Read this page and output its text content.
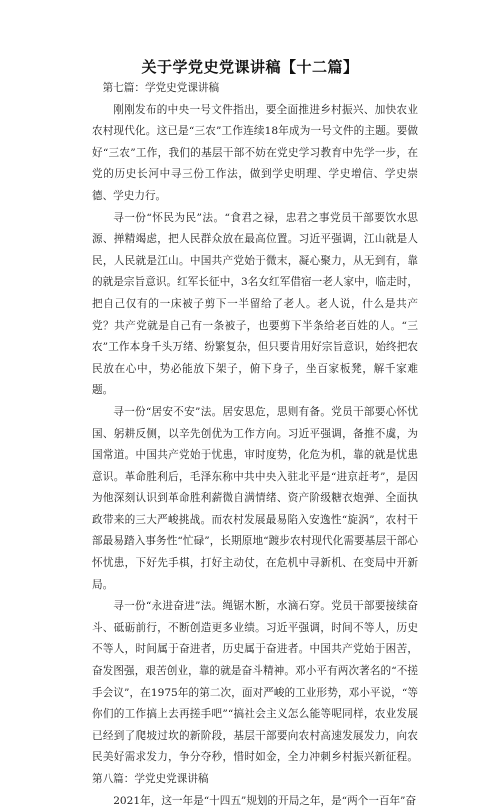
关于学党史党课讲稿【十二篇】

第七篇：学党史党课讲稿

刚刚发布的中央一号文件指出，要全面推进乡村振兴、加快农业农村现代化。这已是“三农”工作连续18年成为一号文件的主题。要做好“三农”工作，我们的基层干部不妨在党史学习教育中先学一步，在党的历史长河中寻三份工作法，做到学史明理、学史增信、学史崇德、学史力行。

寻一份“怀民为民”法。“食君之禄，忠君之事党员干部要饮水思源、掸精竭虑，把人民群众放在最高位置。习近平强调，江山就是人民，人民就是江山。中国共产党始于微末，凝心聚力，从无到有，靠的就是宗旨意识。红军长征中，3名女红军借宿一老人家中，临走时，把自己仅有的一床被子剪下一半留给了老人。老人说，什么是共产党？共产党就是自己有一条被子，也要剪下半条给老百姓的人。“三农”工作本身千头万绪、纷繁复杂，但只要肯用好宗旨意识，始终把农民放在心中，势必能放下架子，俯下身子，坐百家板凳，解千家难题。

寻一份“居安不安”法。居安思危，思则有备。党员干部要心怀忧国、躬耕反侧，以辛先创优为工作方向。习近平强调，备推不虞，为国常道。中国共产党始于忧患，审时度势，化危为机，靠的就是忧患意识。革命胜利后，毛泽东称中共中央入驻北平是“进京赶考”，是因为他深刻认识到革命胜利薪微自满情绪、资产阶级糖衣炮弹、全面执政带来的三大严峻挑战。而农村发展最易陷入安逸性“旋涡”，农村干部最易踏入事务性“忙碌”，长期原地“踱步农村现代化需要基层干部心怀忧患，下好先手棋，打好主动仗，在危机中寻新机、在变局中开新局。

寻一份“永进奋进”法。绳锯木断，水滴石穿。党员干部要接续奋斗、砥砺前行，不断创造更多业绩。习近平强调，时间不等人，历史不等人，时间属于奋进者，历史属于奋进者。中国共产党始于困苦，奋发图强，艰苦创业，靠的就是奋斗精神。邓小平有两次著名的“不搓手会议”，在1975年的第二次，面对严峻的工业形势，邓小平说，“等你们的工作搞上去再搓手吧”“搞社会主义怎么能等呢同样，农业发展已经到了爬坡过坎的新阶段，基层干部要向农村高速发展发力，向农民美好需求发力，争分夺秒，惜时如金，全力冲刺乡村振兴新征程。第八篇：学党史党课讲稿

2021年，这一年是“十四五”规划的开局之年，是“两个一百年”奋
